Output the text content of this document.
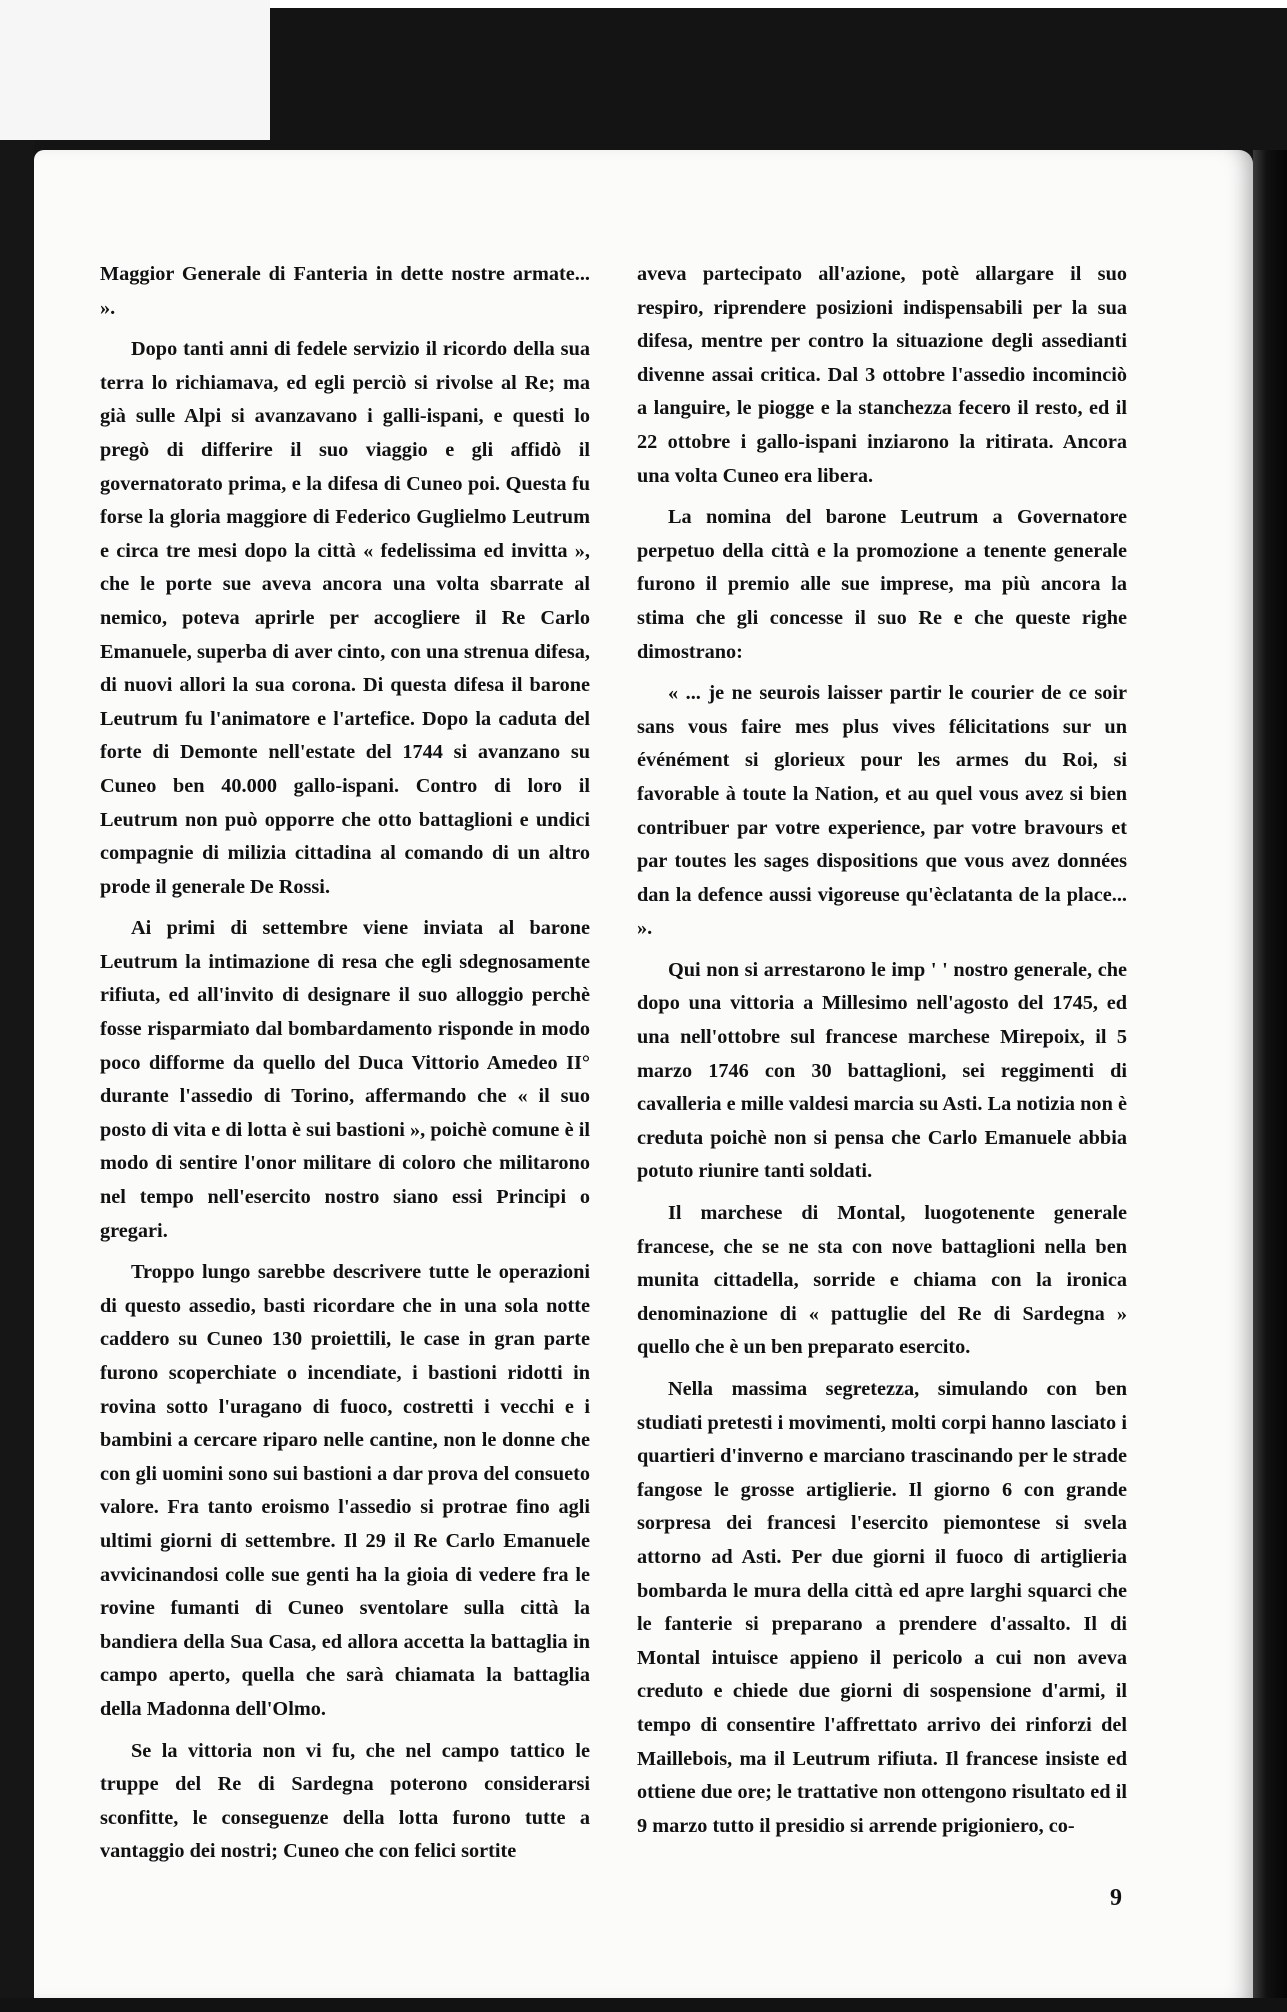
Maggior Generale di Fanteria in dette nostre armate... ».

Dopo tanti anni di fedele servizio il ricordo della sua terra lo richiamava, ed egli perciò si rivolse al Re; ma già sulle Alpi si avanzavano i galli-ispani, e questi lo pregò di differire il suo viaggio e gli affidò il governatorato prima, e la difesa di Cuneo poi. Questa fu forse la gloria maggiore di Federico Guglielmo Leutrum e circa tre mesi dopo la città « fedelissima ed invitta », che le porte sue aveva ancora una volta sbarrate al nemico, poteva aprirle per accogliere il Re Carlo Emanuele, superba di aver cinto, con una strenua difesa, di nuovi allori la sua corona. Di questa difesa il barone Leutrum fu l'animatore e l'artefice. Dopo la caduta del forte di Demonte nell'estate del 1744 si avanzano su Cuneo ben 40.000 gallo-ispani. Contro di loro il Leutrum non può opporre che otto battaglioni e undici compagnie di milizia cittadina al comando di un altro prode il generale De Rossi.

Ai primi di settembre viene inviata al barone Leutrum la intimazione di resa che egli sdegnosamente rifiuta, ed all'invito di designare il suo alloggio perchè fosse risparmiato dal bombardamento risponde in modo poco difforme da quello del Duca Vittorio Amedeo II° durante l'assedio di Torino, affermando che « il suo posto di vita e di lotta è sui bastioni », poichè comune è il modo di sentire l'onor militare di coloro che militarono nel tempo nell'esercito nostro siano essi Principi o gregari.

Troppo lungo sarebbe descrivere tutte le operazioni di questo assedio, basti ricordare che in una sola notte caddero su Cuneo 130 proiettili, le case in gran parte furono scoperchiate o incendiate, i bastioni ridotti in rovina sotto l'uragano di fuoco, costretti i vecchi e i bambini a cercare riparo nelle cantine, non le donne che con gli uomini sono sui bastioni a dar prova del consueto valore. Fra tanto eroismo l'assedio si protrae fino agli ultimi giorni di settembre. Il 29 il Re Carlo Emanuele avvicinandosi colle sue genti ha la gioia di vedere fra le rovine fumanti di Cuneo sventolare sulla città la bandiera della Sua Casa, ed allora accetta la battaglia in campo aperto, quella che sarà chiamata la battaglia della Madonna dell'Olmo.

Se la vittoria non vi fu, che nel campo tattico le truppe del Re di Sardegna poterono considerarsi sconfitte, le conseguenze della lotta furono tutte a vantaggio dei nostri; Cuneo che con felici sortite

aveva partecipato all'azione, potè allargare il suo respiro, riprendere posizioni indispensabili per la sua difesa, mentre per contro la situazione degli assedianti divenne assai critica. Dal 3 ottobre l'assedio incominciò a languire, le piogge e la stanchezza fecero il resto, ed il 22 ottobre i gallo-ispani inziarono la ritirata. Ancora una volta Cuneo era libera.

La nomina del barone Leutrum a Governatore perpetuo della città e la promozione a tenente generale furono il premio alle sue imprese, ma più ancora la stima che gli concesse il suo Re e che queste righe dimostrano:

« ... je ne seurois laisser partir le courier de ce soir sans vous faire mes plus vives félicitations sur un événément si glorieux pour les armes du Roi, si favorable à toute la Nation, et au quel vous avez si bien contribuer par votre experience, par votre bravours et par toutes les sages dispositions que vous avez données dan la defence aussi vigoreuse qu'èclatanta de la place... ».

Qui non si arrestarono le imp ' ' nostro generale, che dopo una vittoria a Millesimo nell'agosto del 1745, ed una nell'ottobre sul francese marchese Mirepoix, il 5 marzo 1746 con 30 battaglioni, sei reggimenti di cavalleria e mille valdesi marcia su Asti. La notizia non è creduta poichè non si pensa che Carlo Emanuele abbia potuto riunire tanti soldati.

Il marchese di Montal, luogotenente generale francese, che se ne sta con nove battaglioni nella ben munita cittadella, sorride e chiama con la ironica denominazione di « pattuglie del Re di Sardegna » quello che è un ben preparato esercito.

Nella massima segretezza, simulando con ben studiati pretesti i movimenti, molti corpi hanno lasciato i quartieri d'inverno e marciano trascinando per le strade fangose le grosse artiglierie. Il giorno 6 con grande sorpresa dei francesi l'esercito piemontese si svela attorno ad Asti. Per due giorni il fuoco di artiglieria bombarda le mura della città ed apre larghi squarci che le fanterie si preparano a prendere d'assalto. Il di Montal intuisce appieno il pericolo a cui non aveva creduto e chiede due giorni di sospensione d'armi, il tempo di consentire l'affrettato arrivo dei rinforzi del Maillebois, ma il Leutrum rifiuta. Il francese insiste ed ottiene due ore; le trattative non ottengono risultato ed il 9 marzo tutto il presidio si arrende prigioniero, co-

9
